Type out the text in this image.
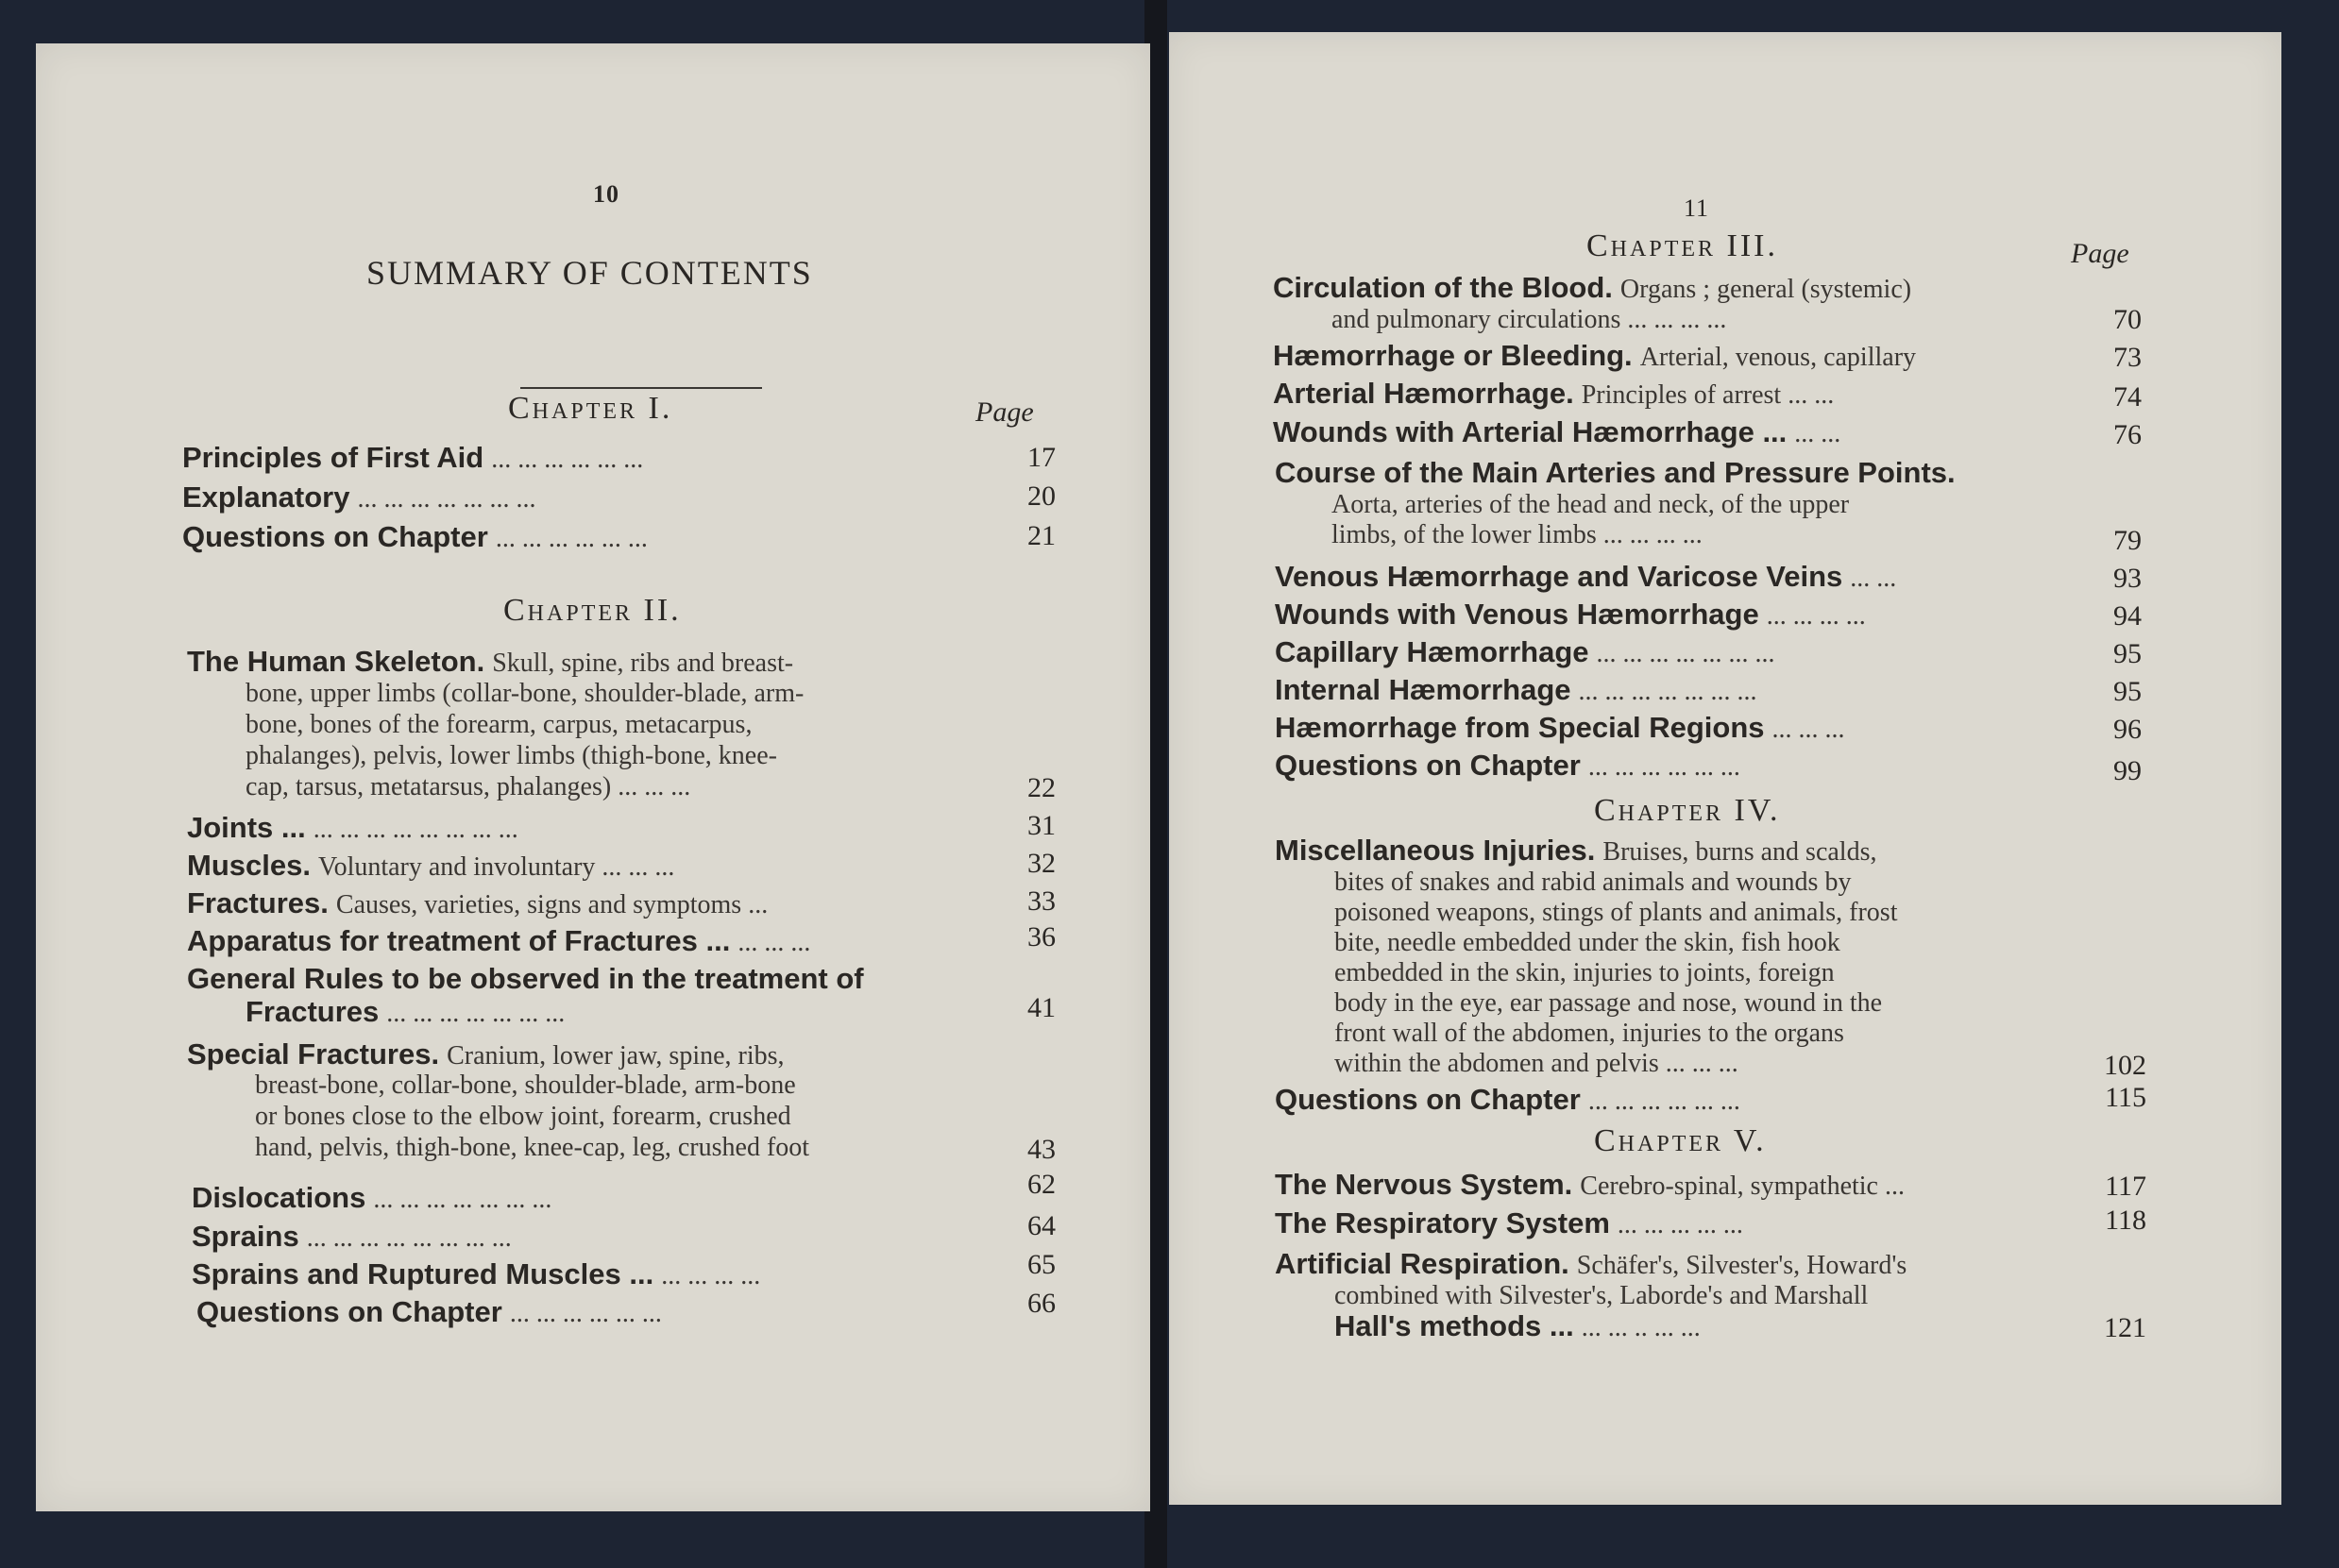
10
SUMMARY OF CONTENTS
Chapter I.	Page
Principles of First Aid ... ... ... ... ... ...	17
Explanatory ... ... ... ... ... ... ...	20
Questions on Chapter ... ... ... ... ... ...	21
Chapter II.
The Human Skeleton. Skull, spine, ribs and breast-
bone, upper limbs (collar-bone, shoulder-blade, arm-
bone, bones of the forearm, carpus, metacarpus,
phalanges), pelvis, lower limbs (thigh-bone, knee-
cap, tarsus, metatarsus, phalanges) ... ... ...	22
Joints ... ... ... ... ... ... ... ... ...	31
Muscles. Voluntary and involuntary ... ... ...	32
Fractures. Causes, varieties, signs and symptoms ...	33
Apparatus for treatment of Fractures ... ... ... ...	36
General Rules to be observed in the treatment of
Fractures ... ... ... ... ... ... ...	41
Special Fractures. Cranium, lower jaw, spine, ribs,
breast-bone, collar-bone, shoulder-blade, arm-bone
or bones close to the elbow joint, forearm, crushed
hand, pelvis, thigh-bone, knee-cap, leg, crushed foot	43
Dislocations ... ... ... ... ... ... ...	62
Sprains ... ... ... ... ... ... ... ...	64
Sprains and Ruptured Muscles ... ... ... ... ...	65
Questions on Chapter ... ... ... ... ... ...	66
11
Chapter III.	Page
Circulation of the Blood. Organs ; general (systemic)
and pulmonary circulations ... ... ... ...	70
Hæmorrhage or Bleeding. Arterial, venous, capillary	73
Arterial Hæmorrhage. Principles of arrest ... ...	74
Wounds with Arterial Hæmorrhage ... ... ...	76
Course of the Main Arteries and Pressure Points.
Aorta, arteries of the head and neck, of the upper
limbs, of the lower limbs ... ... ... ...	79
Venous Hæmorrhage and Varicose Veins ... ...	93
Wounds with Venous Hæmorrhage ... ... ... ...	94
Capillary Hæmorrhage ... ... ... ... ... ... ...	95
Internal Hæmorrhage ... ... ... ... ... ... ...	95
Hæmorrhage from Special Regions ... ... ...	96
Questions on Chapter ... ... ... ... ... ...	99
Chapter IV.
Miscellaneous Injuries. Bruises, burns and scalds,
bites of snakes and rabid animals and wounds by
poisoned weapons, stings of plants and animals, frost
bite, needle embedded under the skin, fish hook
embedded in the skin, injuries to joints, foreign
body in the eye, ear passage and nose, wound in the
front wall of the abdomen, injuries to the organs
within the abdomen and pelvis ... ... ...	102
Questions on Chapter ... ... ... ... ... ...	115
Chapter V.
The Nervous System. Cerebro-spinal, sympathetic ...	117
The Respiratory System ... ... ... ... ...	118
Artificial Respiration. Schäfer's, Silvester's, Howard's
combined with Silvester's, Laborde's and Marshall
Hall's methods ... ... ... .. ... ...	121
